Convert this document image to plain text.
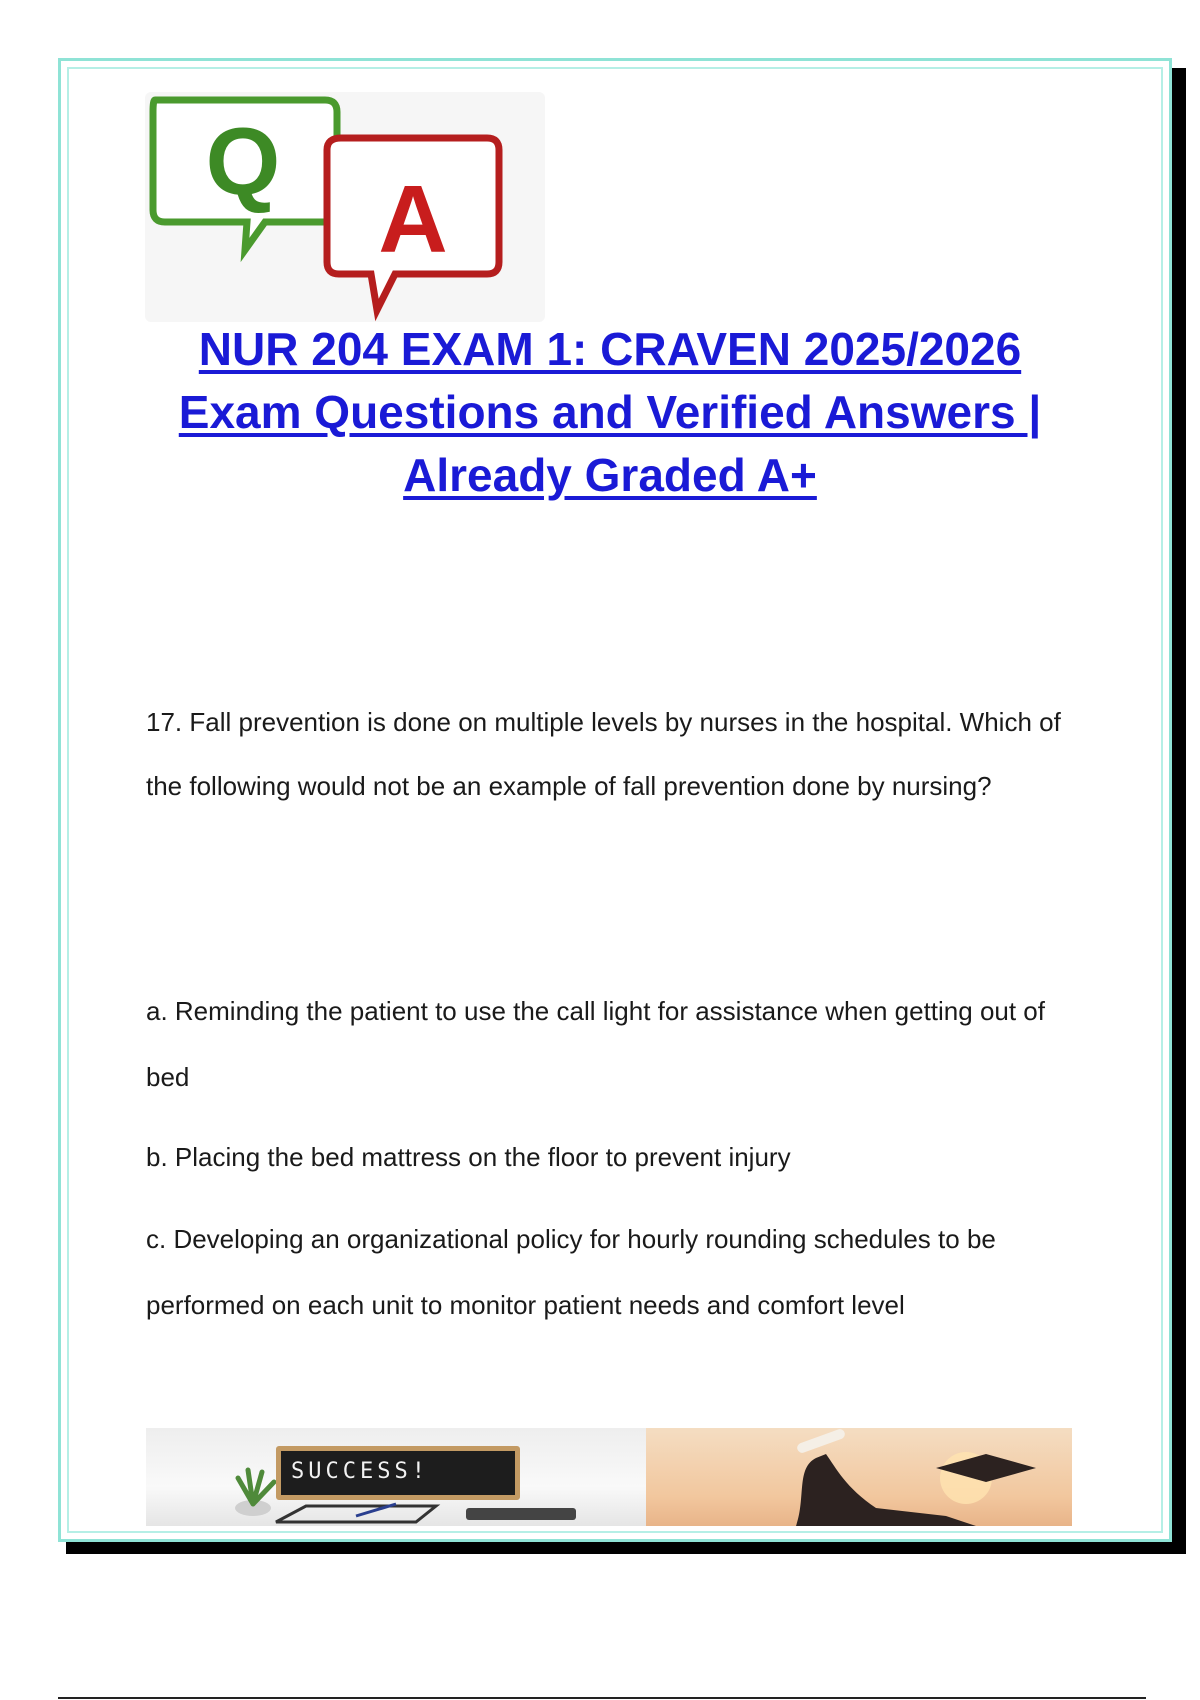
Q
A
NUR 204 EXAM 1: CRAVEN 2025/2026
Exam Questions and Verified Answers |
Already Graded A+
17. Fall prevention is done on multiple levels by nurses in the hospital. Which of the following would not be an example of fall prevention done by nursing?
a. Reminding the patient to use the call light for assistance when getting out of bed
b. Placing the bed mattress on the floor to prevent injury
c. Developing an organizational policy for hourly rounding schedules to be performed on each unit to monitor patient needs and comfort level
SUCCESS!
